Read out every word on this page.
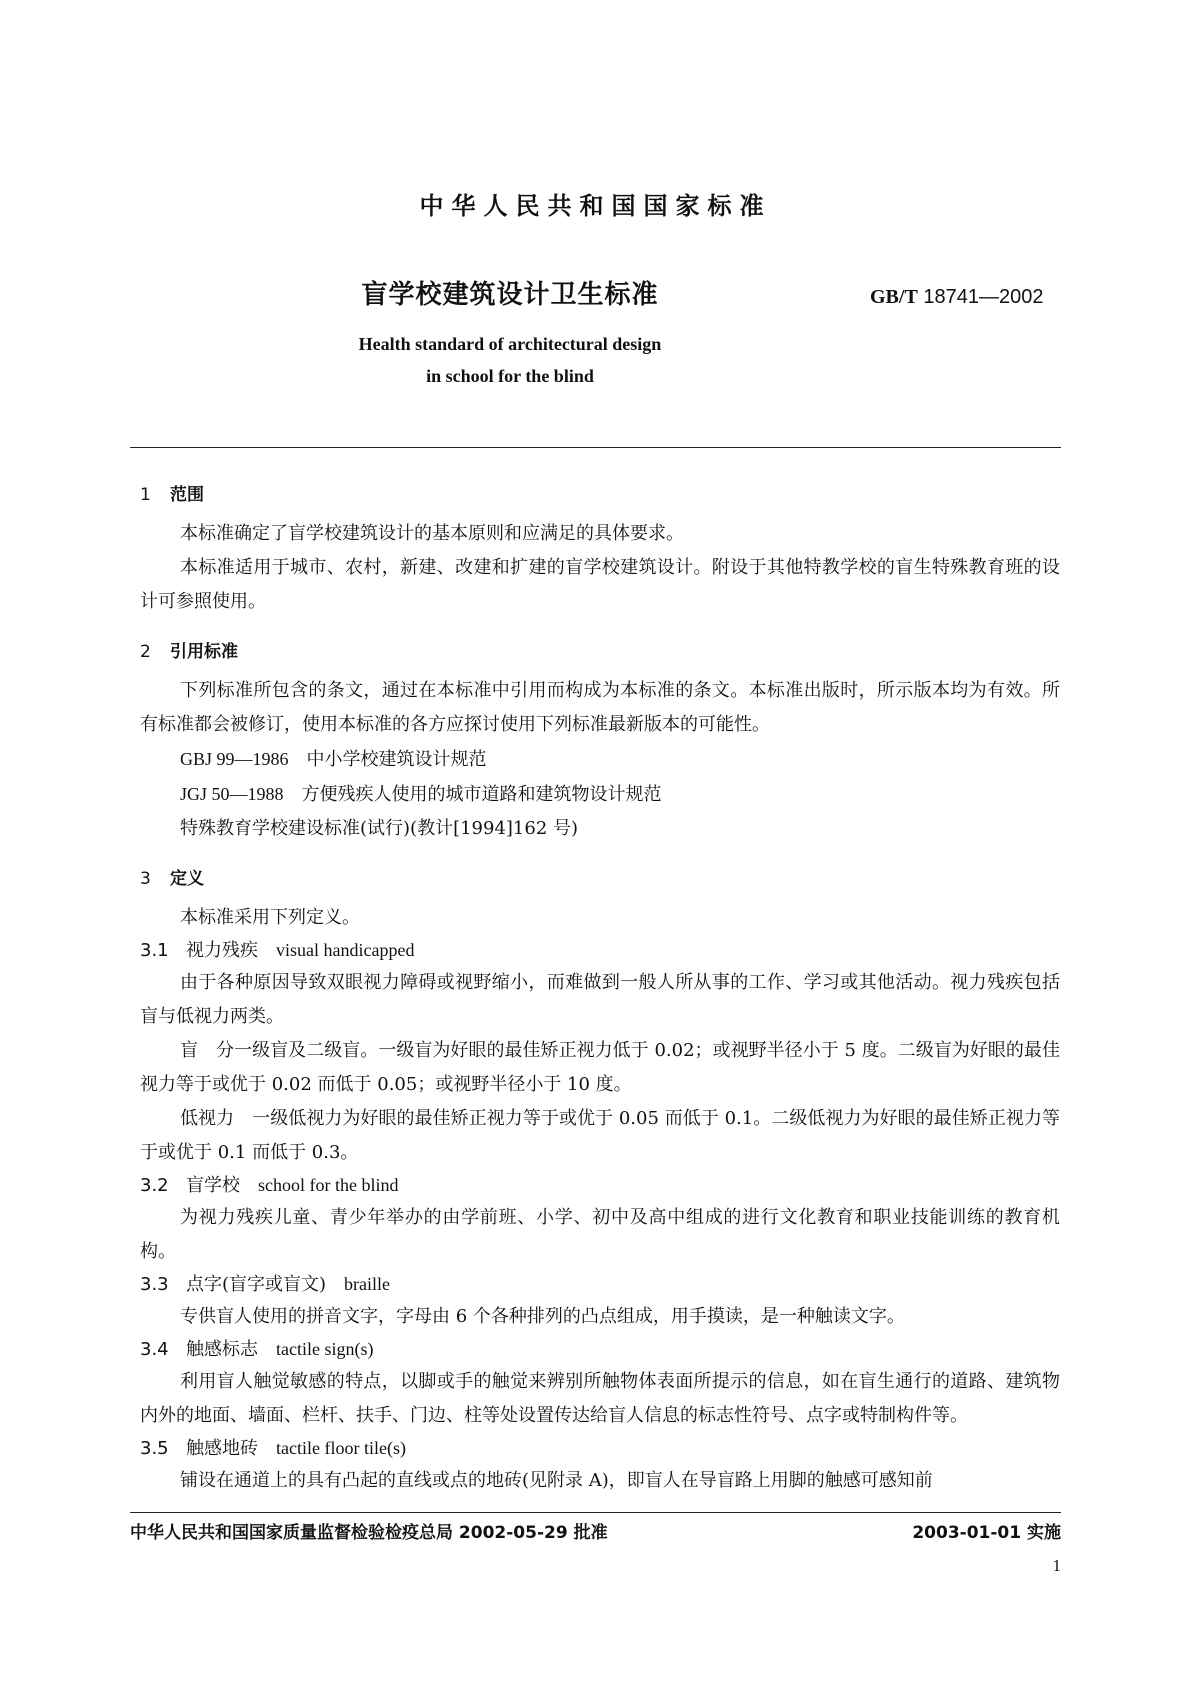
中华人民共和国国家标准
盲学校建筑设计卫生标准	GB/T 18741—2002
Health standard of architectural design
in school for the blind

1 范围

本标准确定了盲学校建筑设计的基本原则和应满足的具体要求。

本标准适用于城市、农村，新建、改建和扩建的盲学校建筑设计。附设于其他特教学校的盲生特殊教育班的设计可参照使用。

2 引用标准

下列标准所包含的条文，通过在本标准中引用而构成为本标准的条文。本标准出版时，所示版本均为有效。所有标准都会被修订，使用本标准的各方应探讨使用下列标准最新版本的可能性。

GBJ 99—1986 中小学校建筑设计规范

JGJ 50—1988 方便残疾人使用的城市道路和建筑物设计规范

特殊教育学校建设标准(试行)(教计[1994]162 号)

3 定义

本标准采用下列定义。

3.1 视力残疾 visual handicapped

由于各种原因导致双眼视力障碍或视野缩小，而难做到一般人所从事的工作、学习或其他活动。视力残疾包括盲与低视力两类。

盲　分一级盲及二级盲。一级盲为好眼的最佳矫正视力低于 0.02；或视野半径小于 5 度。二级盲为好眼的最佳视力等于或优于 0.02 而低于 0.05；或视野半径小于 10 度。

低视力　一级低视力为好眼的最佳矫正视力等于或优于 0.05 而低于 0.1。二级低视力为好眼的最佳矫正视力等于或优于 0.1 而低于 0.3。

3.2 盲学校 school for the blind

为视力残疾儿童、青少年举办的由学前班、小学、初中及高中组成的进行文化教育和职业技能训练的教育机构。

3.3 点字(盲字或盲文) braille

专供盲人使用的拼音文字，字母由 6 个各种排列的凸点组成，用手摸读，是一种触读文字。

3.4 触感标志 tactile sign(s)

利用盲人触觉敏感的特点，以脚或手的触觉来辨别所触物体表面所提示的信息，如在盲生通行的道路、建筑物内外的地面、墙面、栏杆、扶手、门边、柱等处设置传达给盲人信息的标志性符号、点字或特制构件等。

3.5 触感地砖 tactile floor tile(s)

铺设在通道上的具有凸起的直线或点的地砖(见附录 A)，即盲人在导盲路上用脚的触感可感知前

中华人民共和国国家质量监督检验检疫总局 2002-05-29 批准	2003-01-01 实施
1
